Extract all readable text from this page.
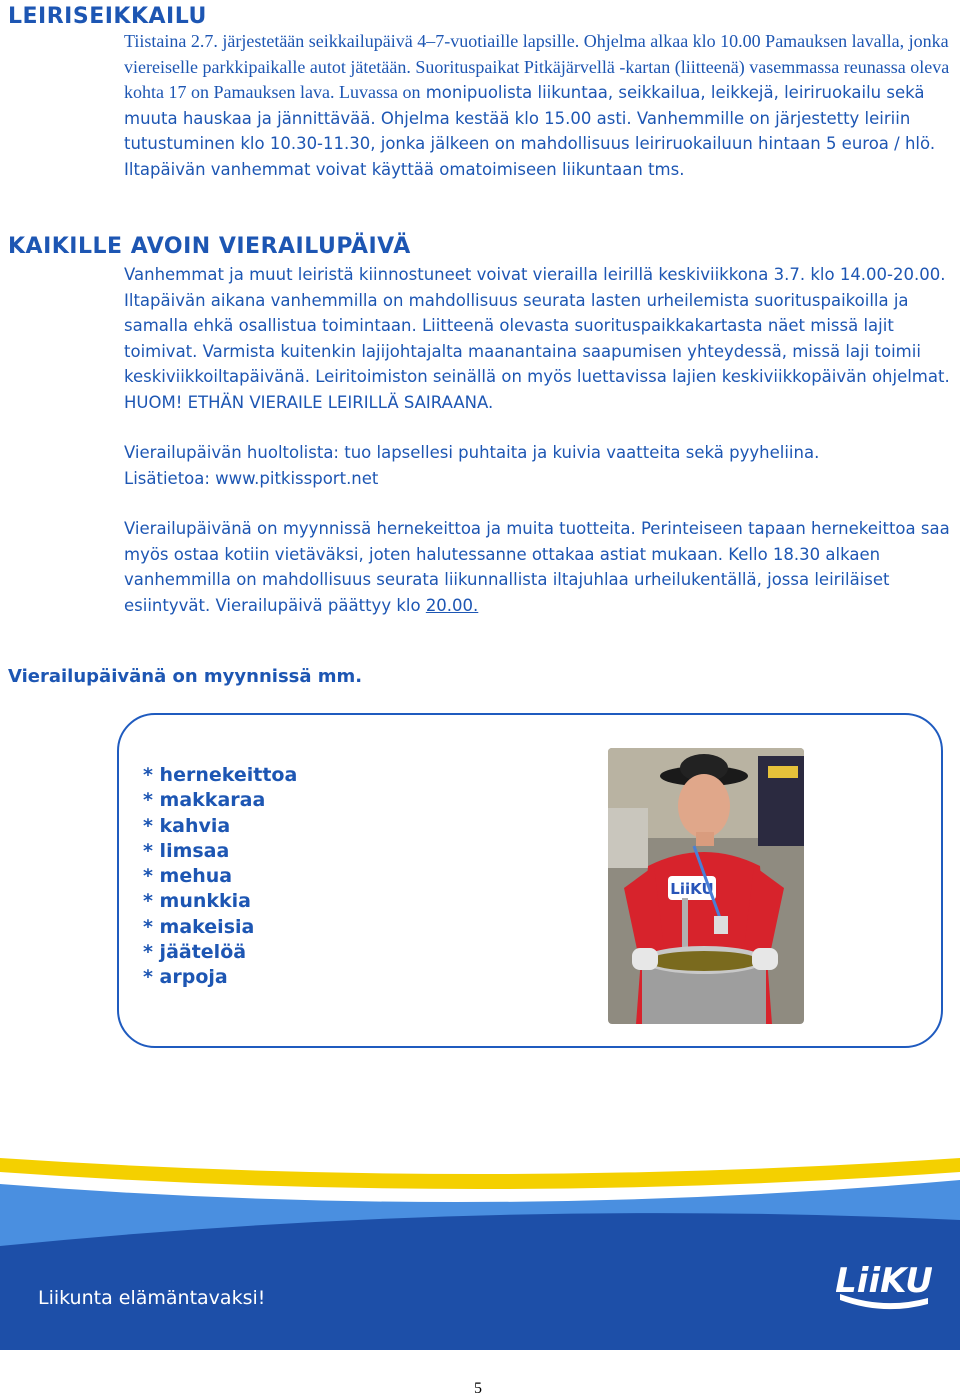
LEIRISEIKKAILU

Tiistaina 2.7. järjestetään seikkailupäivä 4–7-vuotiaille lapsille. Ohjelma alkaa klo 10.00 Pamauksen lavalla, jonka viereiselle parkkipaikalle autot jätetään. Suorituspaikat Pitkäjärvellä -kartan (liitteenä) vasemmassa reunassa oleva kohta 17 on Pamauksen lava. Luvassa on monipuolista liikuntaa, seikkailua, leikkejä, leiriruokailu sekä muuta hauskaa ja jännittävää. Ohjelma kestää klo 15.00 asti. Vanhemmille on järjestetty leiriin tutustuminen klo 10.30-11.30, jonka jälkeen on mahdollisuus leiriruokailuun hintaan 5 euroa / hlö. Iltapäivän vanhemmat voivat käyttää omatoimiseen liikuntaan tms.

KAIKILLE AVOIN VIERAILUPÄIVÄ

Vanhemmat ja muut leiristä kiinnostuneet voivat vierailla leirillä keskiviikkona 3.7. klo 14.00-20.00. Iltapäivän aikana vanhemmilla on mahdollisuus seurata lasten urheilemista suorituspaikoilla ja samalla ehkä osallistua toimintaan. Liitteenä olevasta suorituspaikkakartasta näet missä lajit toimivat. Varmista kuitenkin lajijohtajalta maanantaina saapumisen yhteydessä, missä laji toimii keskiviikkoiltapäivänä. Leiritoimiston seinällä on myös luettavissa lajien keskiviikkopäivän ohjelmat. HUOM! ETHÄN VIERAILE LEIRILLÄ SAIRAANA.

Vierailupäivän huoltolista: tuo lapsellesi puhtaita ja kuivia vaatteita sekä pyyheliina.
Lisätietoa: www.pitkissport.net

Vierailupäivänä on myynnissä hernekeittoa ja muita tuotteita. Perinteiseen tapaan hernekeittoa saa myös ostaa kotiin vietäväksi, joten halutessanne ottakaa astiat mukaan. Kello 18.30 alkaen vanhemmilla on mahdollisuus seurata liikunnallista iltajuhlaa urheilukentällä, jossa leiriläiset esiintyvät. Vierailupäivä päättyy klo 20.00.

Vierailupäivänä on myynnissä mm.
* hernekeittoa
* makkaraa
* kahvia
* limsaa
* mehua
* munkkia
* makeisia
* jäätelöä
* arpoja
LiiKU
Liikunta elämäntavaksi!	LiiKU
5
